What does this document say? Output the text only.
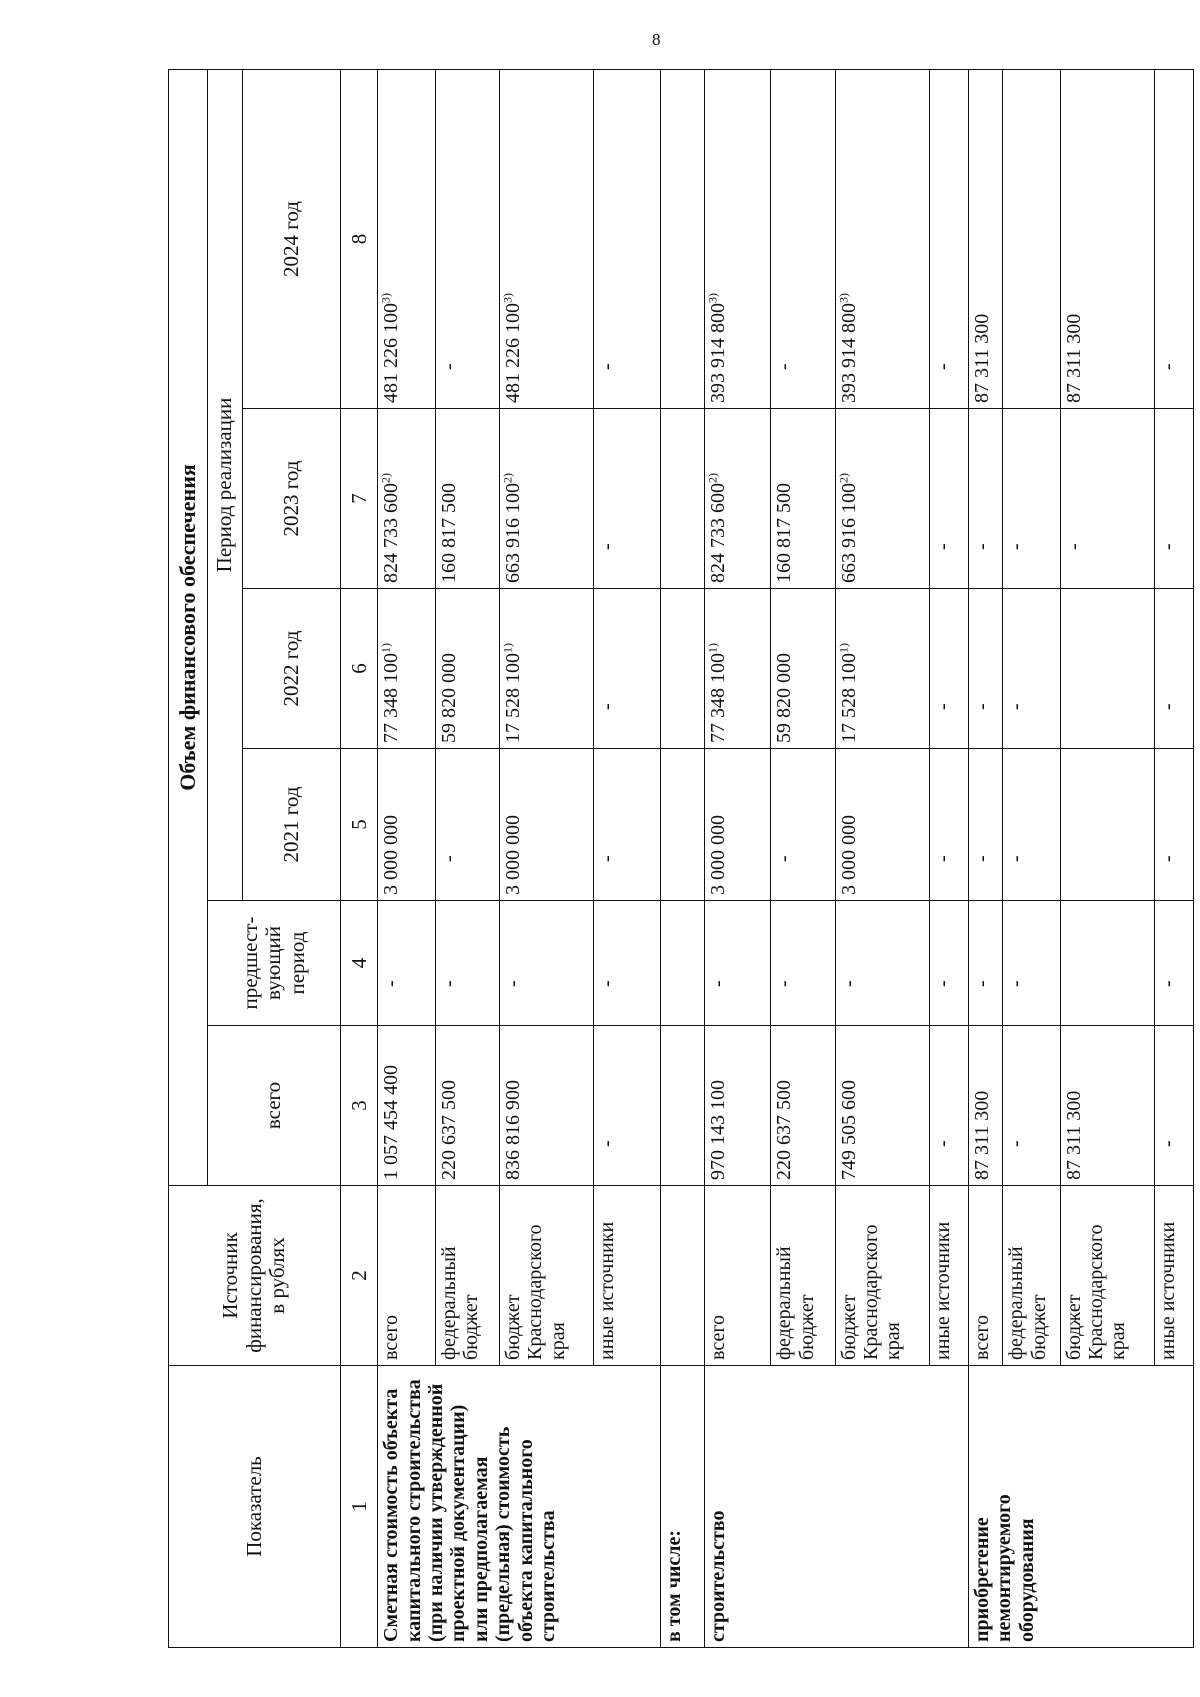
8
Показатель	Источник финансирования, в рублях	Объем финансового обеспечения					
		всего	предшест-вующий период	Период реализации			
				2021 год	2022 год	2023 год	2024 год
1	2	3	4	5	6	7	8
Сметная стоимость объекта капитального строительства (при наличии утвержденной проектной документации) или предполагаемая (предельная) стоимость объекта капитального строительства	всего	1 057 454 400	-	3 000 000	77 348 100$^{1)}$	824 733 600$^{2)}$	481 226 100$^{3)}$
	федеральный бюджет	220 637 500	-	-	59 820 000	160 817 500	-
	бюджет Краснодарского края	836 816 900	-	3 000 000	17 528 100$^{1)}$	663 916 100$^{2)}$	481 226 100$^{3)}$
	иные источники	-	-	-	-	-	-
в том числе:							
строительство	всего	970 143 100	-	3 000 000	77 348 100$^{1)}$	824 733 600$^{2)}$	393 914 800$^{3)}$
	федеральный бюджет	220 637 500	-	-	59 820 000	160 817 500	-
	бюджет Краснодарского края	749 505 600	-	3 000 000	17 528 100$^{1)}$	663 916 100$^{2)}$	393 914 800$^{3)}$
	иные источники	-	-	-	-	-	-
приобретение немонтируемого оборудования	всего	87 311 300	-	-	-	-	87 311 300
	федеральный бюджет	-	-	-	-	-	
	бюджет Краснодарского края	87 311 300				-	87 311 300
	иные источники	-	-	-	-	-	-
